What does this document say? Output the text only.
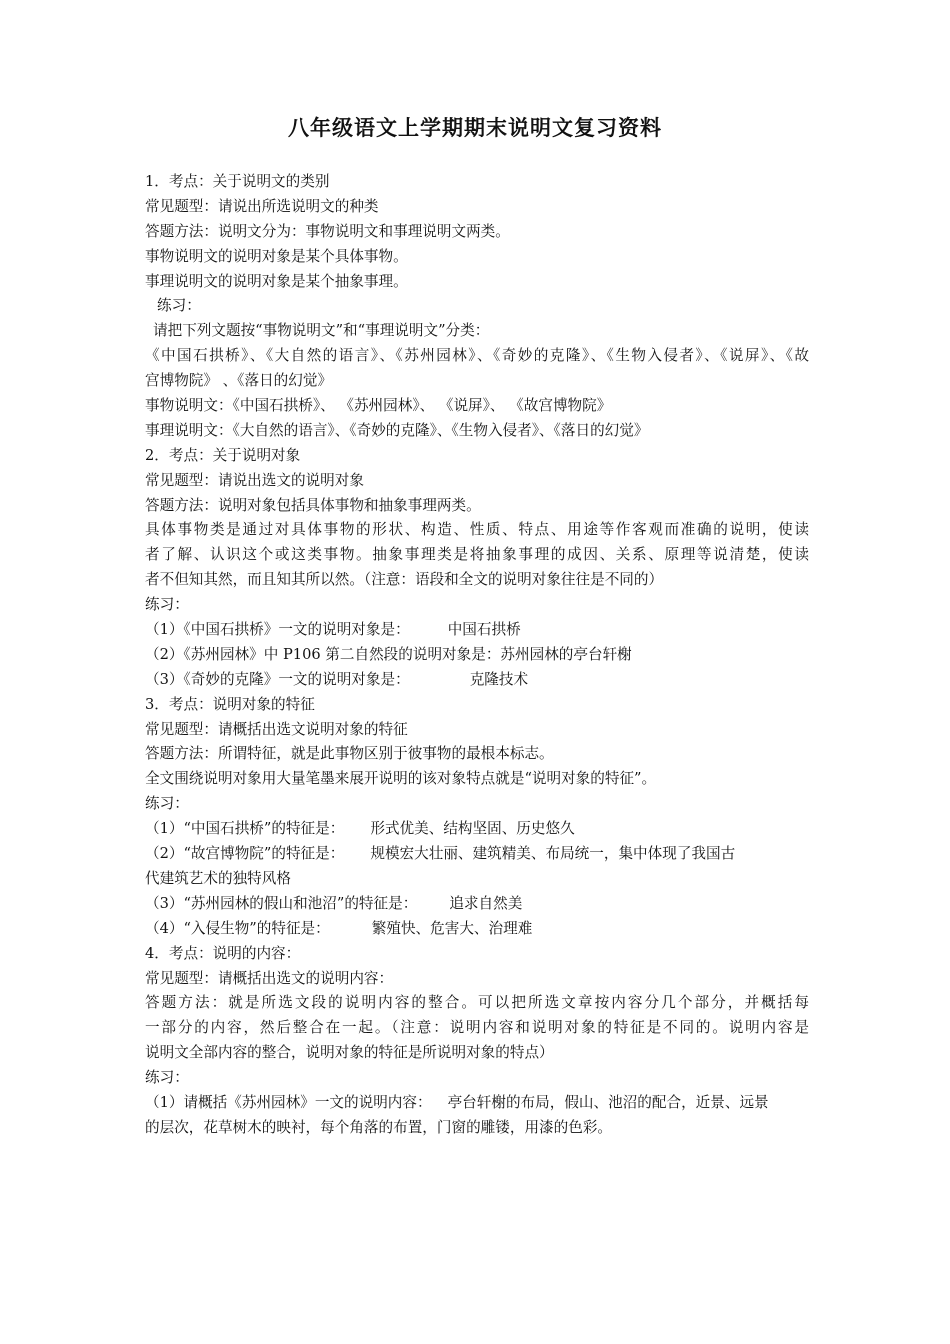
八年级语文上学期期末说明文复习资料
1．考点：关于说明文的类别
常见题型：请说出所选说明文的种类
答题方法：说明文分为：事物说明文和事理说明文两类。
事物说明文的说明对象是某个具体事物。
事理说明文的说明对象是某个抽象事理。
练习：
请把下列文题按“事物说明文”和“事理说明文”分类：
《中国石拱桥》、《大自然的语言》、《苏州园林》、《奇妙的克隆》、《生物入侵者》、《说屏》、《故
宫博物院》 、《落日的幻觉》
事物说明文：《中国石拱桥》、 《苏州园林》、 《说屏》、 《故宫博物院》
事理说明文：《大自然的语言》、《奇妙的克隆》、《生物入侵者》、《落日的幻觉》
2．考点：关于说明对象
常见题型：请说出选文的说明对象
答题方法：说明对象包括具体事物和抽象事理两类。
具体事物类是通过对具体事物的形状、构造、性质、特点、用途等作客观而准确的说明，使读
者了解、认识这个或这类事物。抽象事理类是将抽象事理的成因、关系、原理等说清楚，使读
者不但知其然，而且知其所以然。（注意：语段和全文的说明对象往往是不同的）
练习：
（1）《中国石拱桥》一文的说明对象是：	中国石拱桥
（2）《苏州园林》中 P106 第二自然段的说明对象是：苏州园林的亭台轩榭
（3）《奇妙的克隆》一文的说明对象是：	克隆技术
3．考点：说明对象的特征
常见题型：请概括出选文说明对象的特征
答题方法：所谓特征，就是此事物区别于彼事物的最根本标志。
全文围绕说明对象用大量笔墨来展开说明的该对象特点就是“说明对象的特征”。
练习：
（1）“中国石拱桥”的特征是： 形式优美、结构坚固、历史悠久
（2）“故宫博物院”的特征是： 规模宏大壮丽、建筑精美、布局统一，集中体现了我国古
代建筑艺术的独特风格
（3）“苏州园林的假山和池沼”的特征是： 追求自然美
（4）“入侵生物”的特征是：	繁殖快、危害大、治理难
4．考点：说明的内容：
常见题型：请概括出选文的说明内容：
答题方法：就是所选文段的说明内容的整合。可以把所选文章按内容分几个部分，并概括每
一部分的内容，然后整合在一起。（注意：说明内容和说明对象的特征是不同的。说明内容是
说明文全部内容的整合，说明对象的特征是所说明对象的特点）
练习：
（1）请概括《苏州园林》一文的说明内容： 亭台轩榭的布局，假山、池沼的配合，近景、远景
的层次，花草树木的映衬，每个角落的布置，门窗的雕镂，用漆的色彩。
